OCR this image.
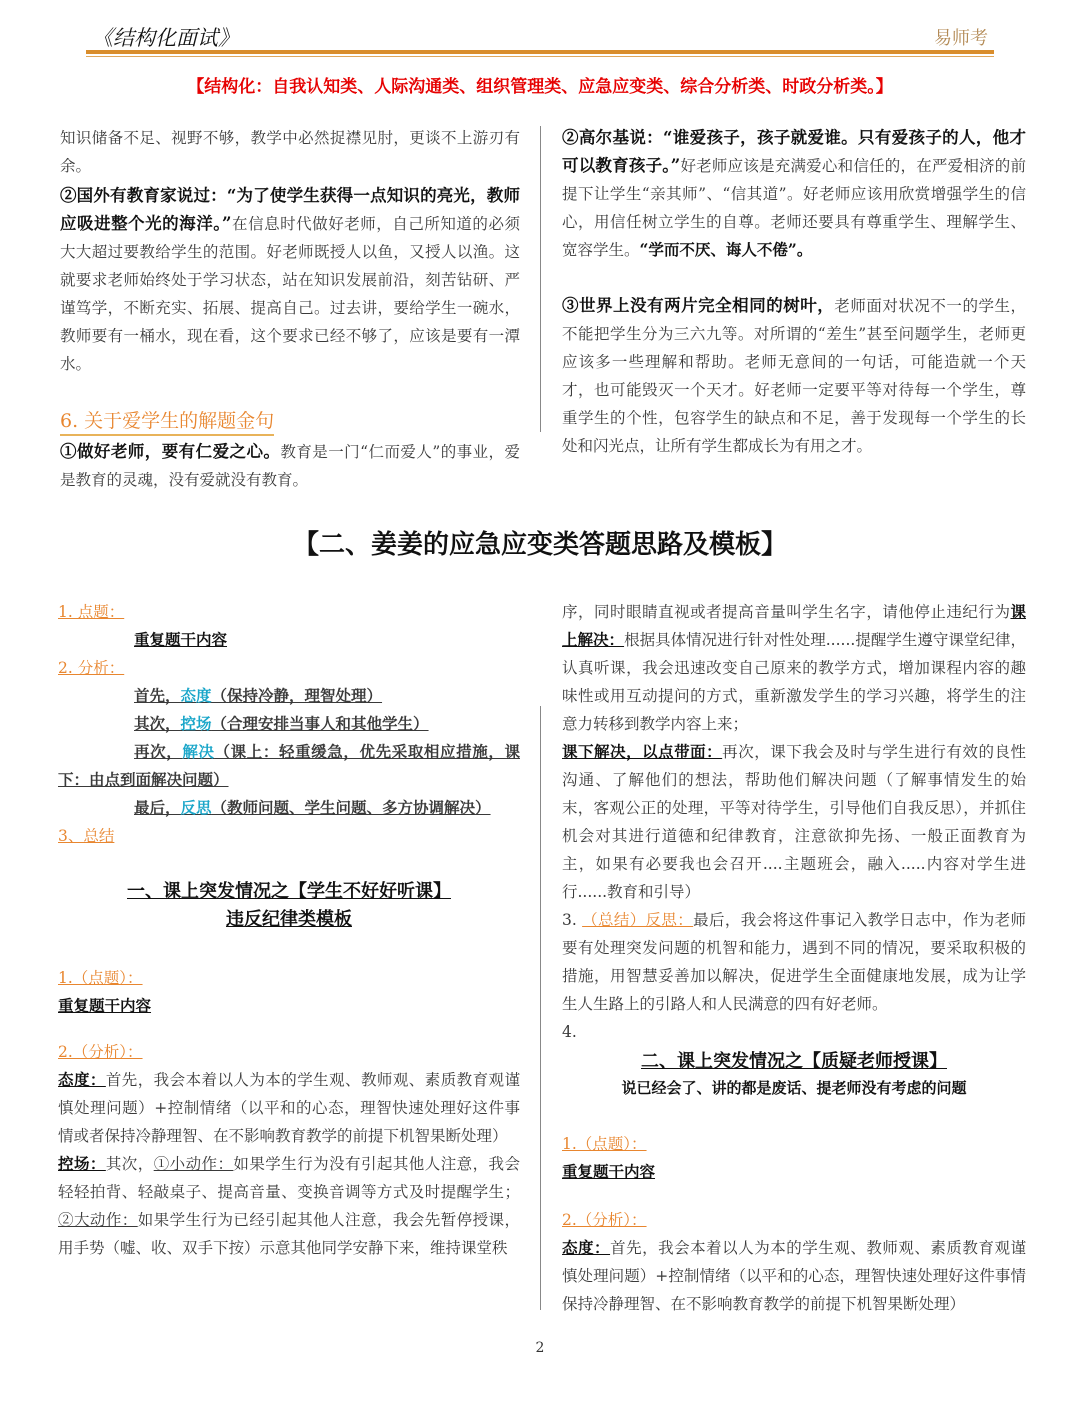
《结构化面试》	易师考
【结构化：自我认知类、人际沟通类、组织管理类、应急应变类、综合分析类、时政分析类。】

知识储备不足、视野不够，教学中必然捉襟见肘，更谈不上游刃有余。

②国外有教育家说过：“为了使学生获得一点知识的亮光，教师应吸进整个光的海洋。”在信息时代做好老师，自己所知道的必须大大超过要教给学生的范围。好老师既授人以鱼，又授人以渔。这就要求老师始终处于学习状态，站在知识发展前沿，刻苦钻研、严谨笃学，不断充实、拓展、提高自己。过去讲，要给学生一碗水，教师要有一桶水，现在看，这个要求已经不够了，应该是要有一潭水。

6. 关于爱学生的解题金句

①做好老师，要有仁爱之心。教育是一门“仁而爱人”的事业，爱是教育的灵魂，没有爱就没有教育。

②高尔基说：“谁爱孩子，孩子就爱谁。只有爱孩子的人，他才可以教育孩子。”好老师应该是充满爱心和信任的，在严爱相济的前提下让学生“亲其师”、“信其道”。好老师应该用欣赏增强学生的信心，用信任树立学生的自尊。老师还要具有尊重学生、理解学生、宽容学生。“学而不厌、诲人不倦”。

③世界上没有两片完全相同的树叶，老师面对状况不一的学生，不能把学生分为三六九等。对所谓的“差生”甚至问题学生，老师更应该多一些理解和帮助。老师无意间的一句话，可能造就一个天才，也可能毁灭一个天才。好老师一定要平等对待每一个学生，尊重学生的个性，包容学生的缺点和不足，善于发现每一个学生的长处和闪光点，让所有学生都成长为有用之才。

【二、姜姜的应急应变类答题思路及模板】

1. 点题：

重复题干内容

2. 分析：

首先，态度（保持冷静，理智处理）

其次，控场（合理安排当事人和其他学生）

再次，解决（课上：轻重缓急，优先采取相应措施，课下：由点到面解决问题）

最后，反思（教师问题、学生问题、多方协调解决）

3、总结

一、课上突发情况之【学生不好好听课】
违反纪律类模板

1.（点题）：

重复题干内容

2.（分析）：

态度：首先，我会本着以人为本的学生观、教师观、素质教育观谨慎处理问题）+控制情绪（以平和的心态，理智快速处理好这件事情或者保持冷静理智、在不影响教育教学的前提下机智果断处理）

控场：其次，①小动作：如果学生行为没有引起其他人注意，我会轻轻拍背、轻敲桌子、提高音量、变换音调等方式及时提醒学生；②大动作：如果学生行为已经引起其他人注意，我会先暂停授课，用手势（嘘、收、双手下按）示意其他同学安静下来，维持课堂秩

序，同时眼睛直视或者提高音量叫学生名字，请他停止违纪行为课上解决：根据具体情况进行针对性处理......提醒学生遵守课堂纪律，认真听课，我会迅速改变自己原来的教学方式，增加课程内容的趣味性或用互动提问的方式，重新激发学生的学习兴趣，将学生的注意力转移到教学内容上来；

课下解决，以点带面：再次，课下我会及时与学生进行有效的良性沟通、了解他们的想法，帮助他们解决问题（了解事情发生的始末，客观公正的处理，平等对待学生，引导他们自我反思），并抓住机会对其进行道德和纪律教育，注意欲抑先扬、一般正面教育为主，如果有必要我也会召开....主题班会，融入.....内容对学生进行......教育和引导）

3. （总结）反思：最后，我会将这件事记入教学日志中，作为老师要有处理突发问题的机智和能力，遇到不同的情况，要采取积极的措施，用智慧妥善加以解决，促进学生全面健康地发展，成为让学生人生路上的引路人和人民满意的四有好老师。

4.

二、课上突发情况之【质疑老师授课】
说已经会了、讲的都是废话、提老师没有考虑的问题

1.（点题）：

重复题干内容

2.（分析）：

态度：首先，我会本着以人为本的学生观、教师观、素质教育观谨慎处理问题）+控制情绪（以平和的心态，理智快速处理好这件事情保持冷静理智、在不影响教育教学的前提下机智果断处理）

2
